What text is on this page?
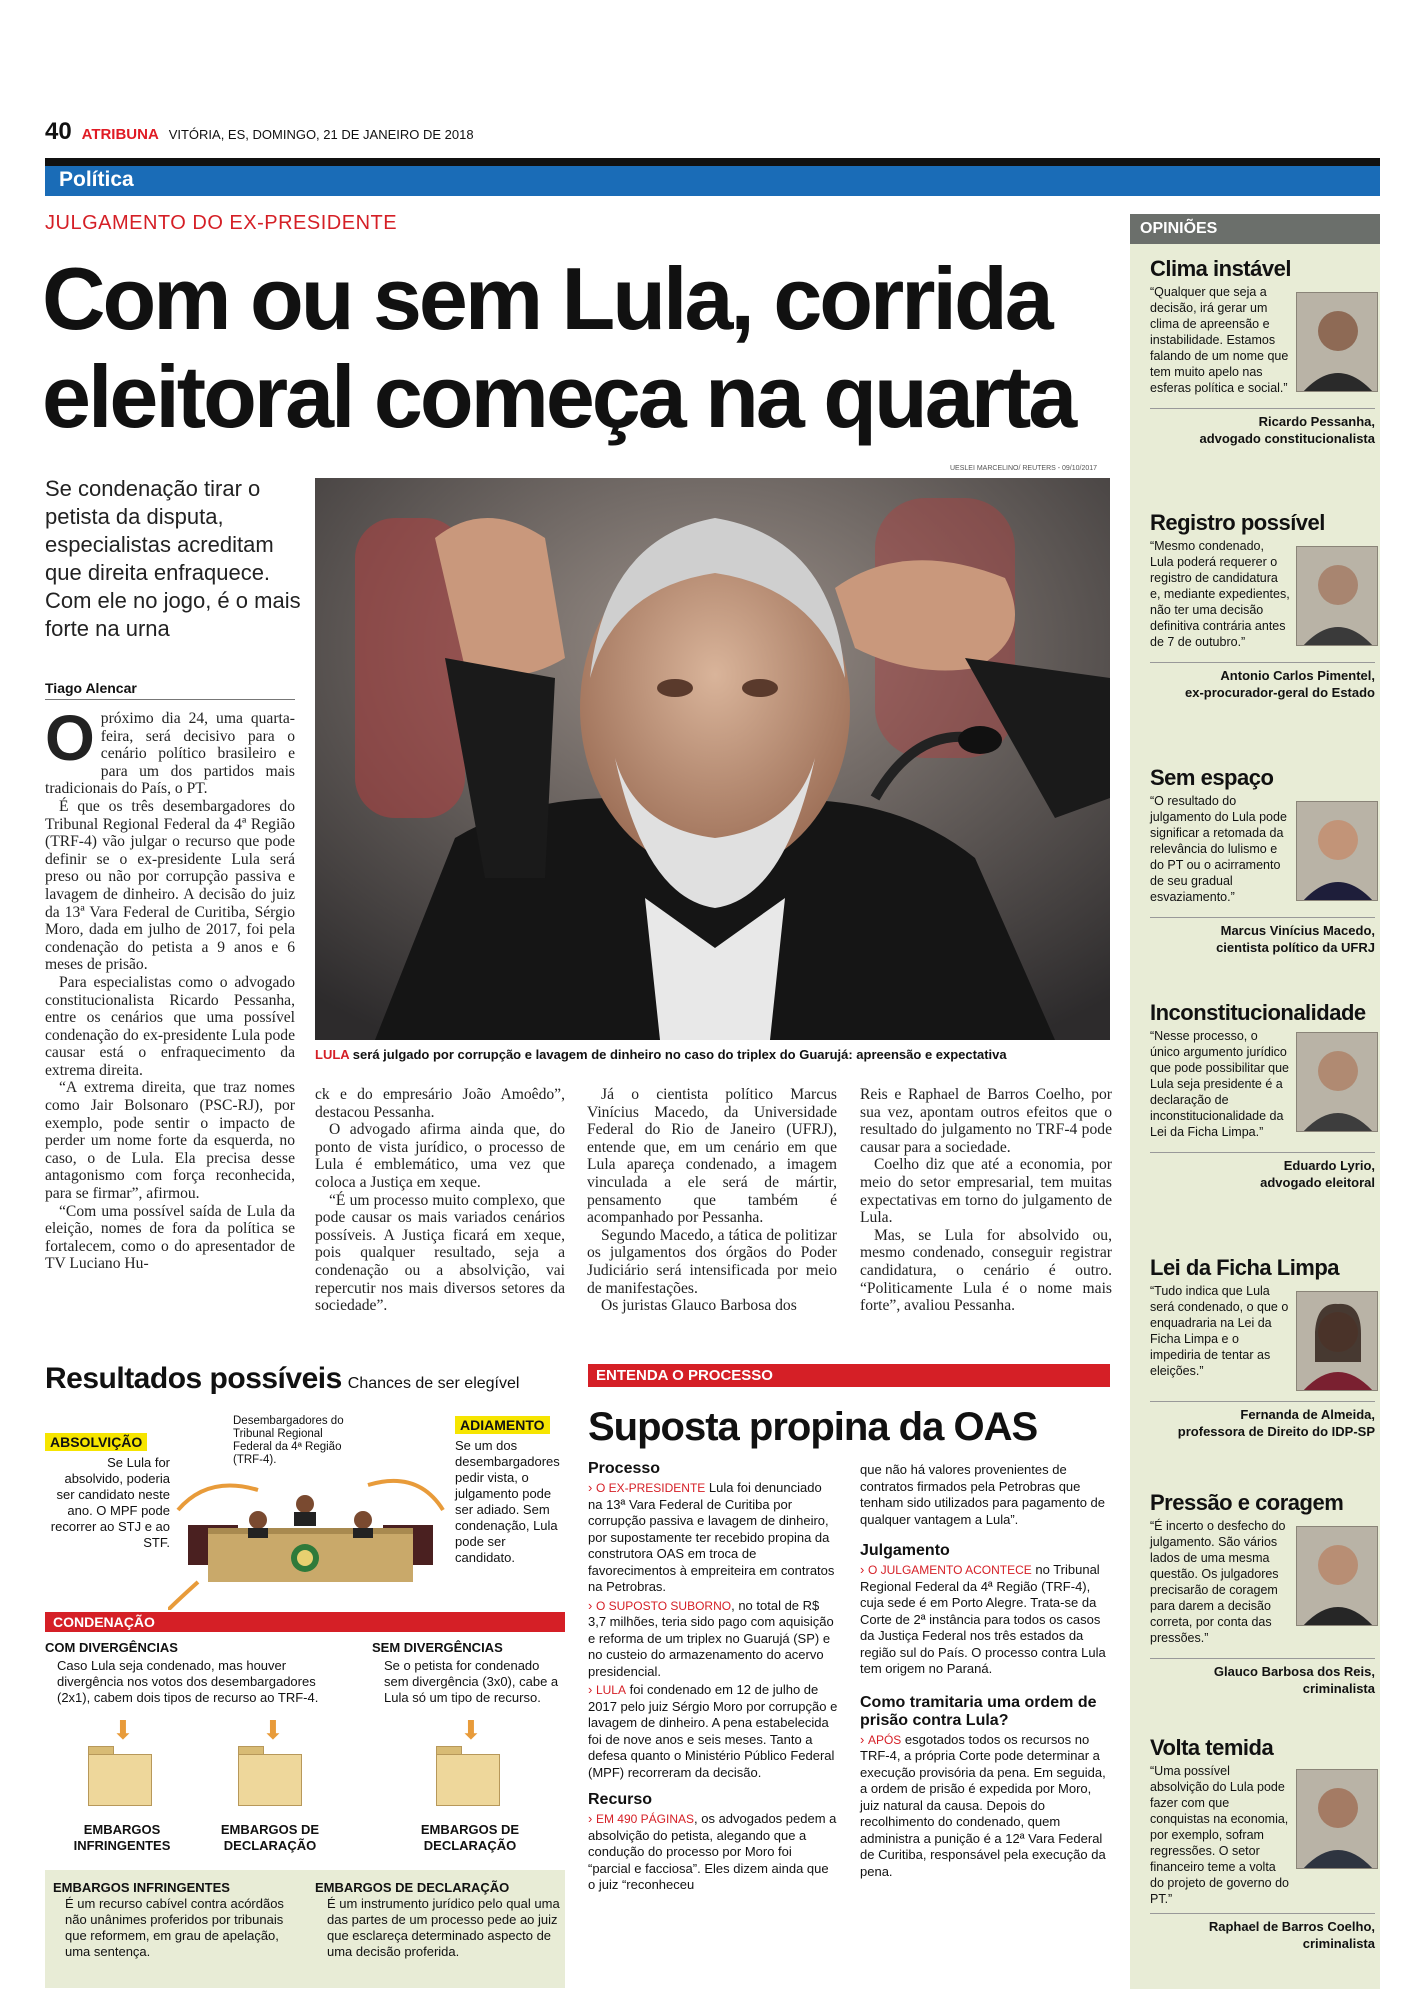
40 ATRIBUNA VITÓRIA, ES, DOMINGO, 21 DE JANEIRO DE 2018
Política
JULGAMENTO DO EX-PRESIDENTE
Com ou sem Lula, corrida eleitoral começa na quarta
Se condenação tirar o petista da disputa, especialistas acreditam que direita enfraquece. Com ele no jogo, é o mais forte na urna
UESLEI MARCELINO/ REUTERS - 09/10/2017
LULA será julgado por corrupção e lavagem de dinheiro no caso do triplex do Guarujá: apreensão e expectativa
Tiago Alencar

Opróximo dia 24, uma quarta-feira, será decisivo para o cenário político brasileiro e para um dos partidos mais tradicionais do País, o PT.

É que os três desembargadores do Tribunal Regional Federal da 4ª Região (TRF-4) vão julgar o recurso que pode definir se o ex-presidente Lula será preso ou não por corrupção passiva e lavagem de dinheiro. A decisão do juiz da 13ª Vara Federal de Curitiba, Sérgio Moro, dada em julho de 2017, foi pela condenação do petista a 9 anos e 6 meses de prisão.

Para especialistas como o advogado constitucionalista Ricardo Pessanha, entre os cenários que uma possível condenação do ex-presidente Lula pode causar está o enfraquecimento da extrema direita.

“A extrema direita, que traz nomes como Jair Bolsonaro (PSC-RJ), por exemplo, pode sentir o impacto de perder um nome forte da esquerda, no caso, o de Lula. Ela precisa desse antagonismo com força reconhecida, para se firmar”, afirmou.

“Com uma possível saída de Lula da eleição, nomes de fora da política se fortalecem, como o do apresentador de TV Luciano Hu-

ck e do empresário João Amoêdo”, destacou Pessanha.

O advogado afirma ainda que, do ponto de vista jurídico, o processo de Lula é emblemático, uma vez que coloca a Justiça em xeque.

“É um processo muito complexo, que pode causar os mais variados cenários possíveis. A Justiça ficará em xeque, pois qualquer resultado, seja a condenação ou a absolvição, vai repercutir nos mais diversos setores da sociedade”.

Já o cientista político Marcus Vinícius Macedo, da Universidade Federal do Rio de Janeiro (UFRJ), entende que, em um cenário em que Lula apareça condenado, a imagem vinculada a ele será de mártir, pensamento que também é acompanhado por Pessanha.

Segundo Macedo, a tática de politizar os julgamentos dos órgãos do Poder Judiciário será intensificada por meio de manifestações.

Os juristas Glauco Barbosa dos

Reis e Raphael de Barros Coelho, por sua vez, apontam outros efeitos que o resultado do julgamento no TRF-4 pode causar para a sociedade.

Coelho diz que até a economia, por meio do setor empresarial, tem muitas expectativas em torno do julgamento de Lula.

Mas, se Lula for absolvido ou, mesmo condenado, conseguir registrar candidatura, o cenário é outro. “Politicamente Lula é o nome mais forte”, avaliou Pessanha.

OPINIÕES
Clima instável
“Qualquer que seja a decisão, irá gerar um clima de apreensão e instabilidade. Estamos falando de um nome que tem muito apelo nas esferas política e social.”
Ricardo Pessanha,
advogado constitucionalista
Registro possível
“Mesmo condenado, Lula poderá requerer o registro de candidatura e, mediante expedientes, não ter uma decisão definitiva contrária antes de 7 de outubro.”
Antonio Carlos Pimentel,
ex-procurador-geral do Estado
Sem espaço
“O resultado do julgamento do Lula pode significar a retomada da relevância do lulismo e do PT ou o acirramento de seu gradual esvaziamento.”
Marcus Vinícius Macedo,
cientista político da UFRJ
Inconstitucionalidade
“Nesse processo, o único argumento jurídico que pode possibilitar que Lula seja presidente é a declaração de inconstitucionalidade da Lei da Ficha Limpa.”
Eduardo Lyrio,
advogado eleitoral
Lei da Ficha Limpa
“Tudo indica que Lula será condenado, o que o enquadraria na Lei da Ficha Limpa e o impediria de tentar as eleições.”
Fernanda de Almeida,
professora de Direito do IDP-SP
Pressão e coragem
“É incerto o desfecho do julgamento. São vários lados de uma mesma questão. Os julgadores precisarão de coragem para darem a decisão correta, por conta das pressões.”
Glauco Barbosa dos Reis,
criminalista
Volta temida
“Uma possível absolvição do Lula pode fazer com que conquistas na economia, por exemplo, sofram regressões. O setor financeiro teme a volta do projeto de governo do PT.”
Raphael de Barros Coelho,
criminalista
Resultados possíveis Chances de ser elegível
Desembargadores do Tribunal Regional Federal da 4ª Região (TRF-4).
ABSOLVIÇÃO
Se Lula for absolvido, poderia ser candidato neste ano. O MPF pode recorrer ao STJ e ao STF.
ADIAMENTO
Se um dos desembargadores pedir vista, o julgamento pode ser adiado. Sem condenação, Lula pode ser candidato.
CONDENAÇÃO
COM DIVERGÊNCIAS
Caso Lula seja condenado, mas houver divergência nos votos dos desembargadores (2x1), cabem dois tipos de recurso ao TRF-4.
SEM DIVERGÊNCIAS
Se o petista for condenado sem divergência (3x0), cabe a Lula só um tipo de recurso.
⬇	⬇	⬇
EMBARGOS INFRINGENTES
EMBARGOS DE DECLARAÇÃO
EMBARGOS DE DECLARAÇÃO
EMBARGOS INFRINGENTES
É um recurso cabível contra acórdãos não unânimes proferidos por tribunais que reformem, em grau de apelação, uma sentença.
EMBARGOS DE DECLARAÇÃO
É um instrumento jurídico pelo qual uma das partes de um processo pede ao juiz que esclareça determinado aspecto de uma decisão proferida.
ENTENDA O PROCESSO
Suposta propina da OAS
Processo
› O EX-PRESIDENTE Lula foi denunciado na 13ª Vara Federal de Curitiba por corrupção passiva e lavagem de dinheiro, por supostamente ter recebido propina da construtora OAS em troca de favorecimentos à empreiteira em contratos na Petrobras.
› O SUPOSTO SUBORNO, no total de R$ 3,7 milhões, teria sido pago com aquisição e reforma de um triplex no Guarujá (SP) e no custeio do armazenamento do acervo presidencial.
› LULA foi condenado em 12 de julho de 2017 pelo juiz Sérgio Moro por corrupção e lavagem de dinheiro. A pena estabelecida foi de nove anos e seis meses. Tanto a defesa quanto o Ministério Público Federal (MPF) recorreram da decisão.
Recurso
› EM 490 PÁGINAS, os advogados pedem a absolvição do petista, alegando que a condução do processo por Moro foi “parcial e facciosa”. Eles dizem ainda que o juiz “reconheceu
que não há valores provenientes de contratos firmados pela Petrobras que tenham sido utilizados para pagamento de qualquer vantagem a Lula”.
Julgamento
› O JULGAMENTO ACONTECE no Tribunal Regional Federal da 4ª Região (TRF-4), cuja sede é em Porto Alegre. Trata-se da Corte de 2ª instância para todos os casos da Justiça Federal nos três estados da região sul do País. O processo contra Lula tem origem no Paraná.
Como tramitaria uma ordem de prisão contra Lula?
› APÓS esgotados todos os recursos no TRF-4, a própria Corte pode determinar a execução provisória da pena. Em seguida, a ordem de prisão é expedida por Moro, juiz natural da causa. Depois do recolhimento do condenado, quem administra a punição é a 12ª Vara Federal de Curitiba, responsável pela execução da pena.
